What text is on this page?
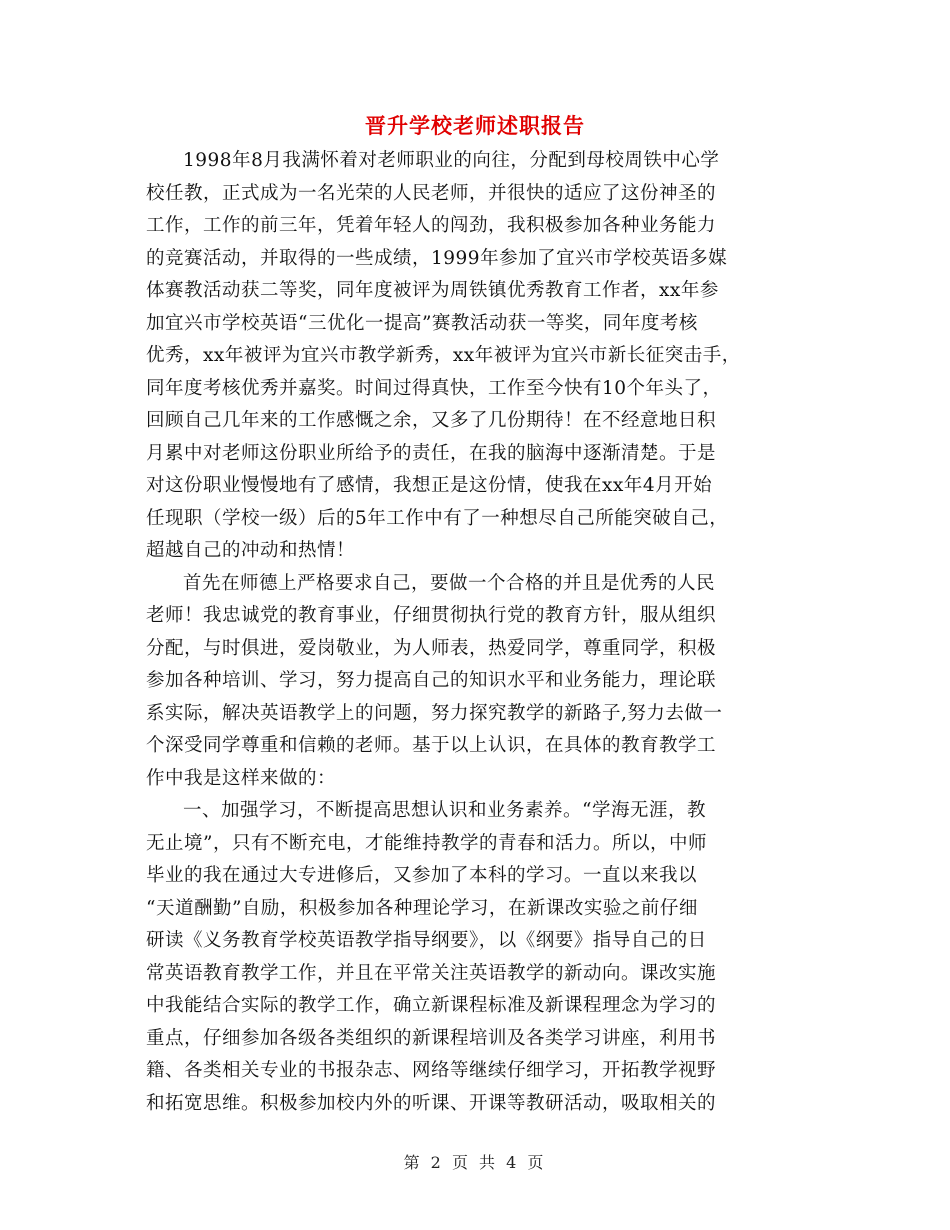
晋升学校老师述职报告
1998年8月我满怀着对老师职业的向往，分配到母校周铁中心学
校任教，正式成为一名光荣的人民老师，并很快的适应了这份神圣的
工作，工作的前三年，凭着年轻人的闯劲，我积极参加各种业务能力
的竞赛活动，并取得的一些成绩，1999年参加了宜兴市学校英语多媒
体赛教活动获二等奖，同年度被评为周铁镇优秀教育工作者，xx年参
加宜兴市学校英语“三优化一提高”赛教活动获一等奖，同年度考核
优秀，xx年被评为宜兴市教学新秀，xx年被评为宜兴市新长征突击手，
同年度考核优秀并嘉奖。时间过得真快，工作至今快有10个年头了，
回顾自己几年来的工作感慨之余，又多了几份期待！在不经意地日积
月累中对老师这份职业所给予的责任，在我的脑海中逐渐清楚。于是
对这份职业慢慢地有了感情，我想正是这份情，使我在xx年4月开始
任现职（学校一级）后的5年工作中有了一种想尽自己所能突破自己，
超越自己的冲动和热情！
首先在师德上严格要求自己，要做一个合格的并且是优秀的人民
老师！我忠诚党的教育事业，仔细贯彻执行党的教育方针，服从组织
分配，与时俱进，爱岗敬业，为人师表，热爱同学，尊重同学，积极
参加各种培训、学习，努力提高自己的知识水平和业务能力，理论联
系实际，解决英语教学上的问题，努力探究教学的新路子,努力去做一
个深受同学尊重和信赖的老师。基于以上认识，在具体的教育教学工
作中我是这样来做的：
一、加强学习，不断提高思想认识和业务素养。“学海无涯，教
无止境”，只有不断充电，才能维持教学的青春和活力。所以，中师
毕业的我在通过大专进修后，又参加了本科的学习。一直以来我以
“天道酬勤”自励，积极参加各种理论学习，在新课改实验之前仔细
研读《义务教育学校英语教学指导纲要》，以《纲要》指导自己的日
常英语教育教学工作，并且在平常关注英语教学的新动向。课改实施
中我能结合实际的教学工作，确立新课程标准及新课程理念为学习的
重点，仔细参加各级各类组织的新课程培训及各类学习讲座，利用书
籍、各类相关专业的书报杂志、网络等继续仔细学习，开拓教学视野
和拓宽思维。积极参加校内外的听课、开课等教研活动，吸取相关的
第 2 页 共 4 页
